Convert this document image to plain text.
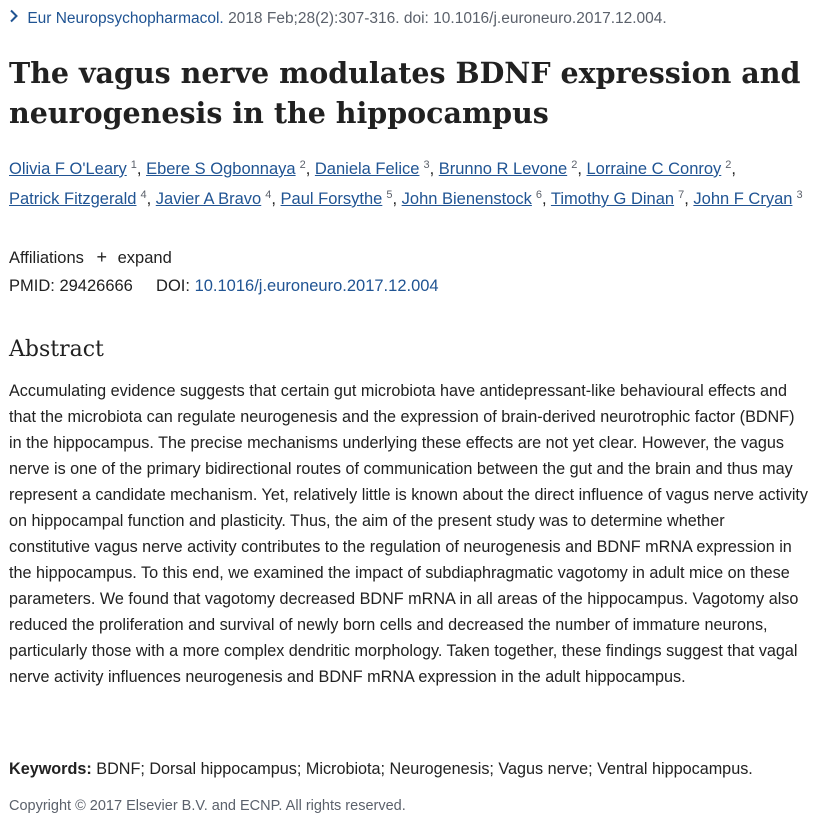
Eur Neuropsychopharmacol. 2018 Feb;28(2):307-316. doi: 10.1016/j.euroneuro.2017.12.004.
The vagus nerve modulates BDNF expression and neurogenesis in the hippocampus
Olivia F O'Leary $^1$, Ebere S Ogbonnaya $^2$, Daniela Felice $^3$, Brunno R Levone $^2$, Lorraine C Conroy $^2$, Patrick Fitzgerald $^4$, Javier A Bravo $^4$, Paul Forsythe $^5$, John Bienenstock $^6$, Timothy G Dinan $^7$, John F Cryan $^3$
Affiliations + expand
PMID: 29426666 DOI: 10.1016/j.euroneuro.2017.12.004
Abstract

Accumulating evidence suggests that certain gut microbiota have antidepressant-like behavioural effects and that the microbiota can regulate neurogenesis and the expression of brain-derived neurotrophic factor (BDNF) in the hippocampus. The precise mechanisms underlying these effects are not yet clear. However, the vagus nerve is one of the primary bidirectional routes of communication between the gut and the brain and thus may represent a candidate mechanism. Yet, relatively little is known about the direct influence of vagus nerve activity on hippocampal function and plasticity. Thus, the aim of the present study was to determine whether constitutive vagus nerve activity contributes to the regulation of neurogenesis and BDNF mRNA expression in the hippocampus. To this end, we examined the impact of subdiaphragmatic vagotomy in adult mice on these parameters. We found that vagotomy decreased BDNF mRNA in all areas of the hippocampus. Vagotomy also reduced the proliferation and survival of newly born cells and decreased the number of immature neurons, particularly those with a more complex dendritic morphology. Taken together, these findings suggest that vagal nerve activity influences neurogenesis and BDNF mRNA expression in the adult hippocampus.

Keywords: BDNF; Dorsal hippocampus; Microbiota; Neurogenesis; Vagus nerve; Ventral hippocampus.
Copyright © 2017 Elsevier B.V. and ECNP. All rights reserved.
